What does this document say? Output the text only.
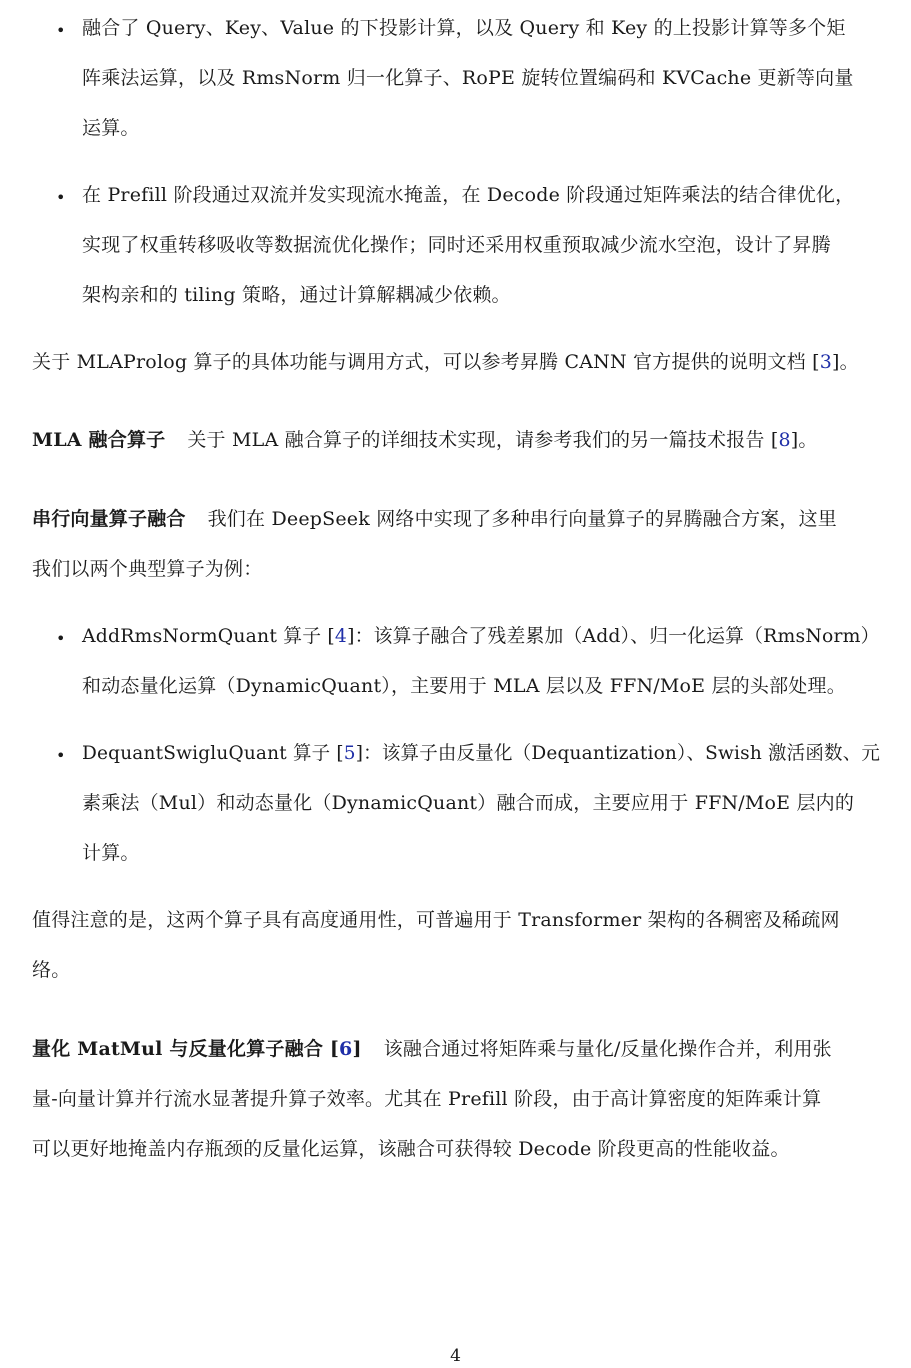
• 融合了 Query、Key、Value 的下投影计算，以及 Query 和 Key 的上投影计算等多个矩
阵乘法运算，以及 RmsNorm 归一化算子、RoPE 旋转位置编码和 KVCache 更新等向量
运算。
• 在 Prefill 阶段通过双流并发实现流水掩盖，在 Decode 阶段通过矩阵乘法的结合律优化，
实现了权重转移吸收等数据流优化操作；同时还采用权重预取减少流水空泡，设计了昇腾
架构亲和的 tiling 策略，通过计算解耦减少依赖。
关于 MLAProlog 算子的具体功能与调用方式，可以参考昇腾 CANN 官方提供的说明文档 [3]。
MLA 融合算子 关于 MLA 融合算子的详细技术实现，请参考我们的另一篇技术报告 [8]。
串行向量算子融合 我们在 DeepSeek 网络中实现了多种串行向量算子的昇腾融合方案，这里
我们以两个典型算子为例：
• AddRmsNormQuant 算子 [4]：该算子融合了残差累加（Add）、归一化运算（RmsNorm）
和动态量化运算（DynamicQuant），主要用于 MLA 层以及 FFN/MoE 层的头部处理。
• DequantSwigluQuant 算子 [5]：该算子由反量化（Dequantization）、Swish 激活函数、元
素乘法（Mul）和动态量化（DynamicQuant）融合而成，主要应用于 FFN/MoE 层内的
计算。
值得注意的是，这两个算子具有高度通用性，可普遍用于 Transformer 架构的各稠密及稀疏网
络。
量化 MatMul 与反量化算子融合 [6] 该融合通过将矩阵乘与量化/反量化操作合并，利用张
量-向量计算并行流水显著提升算子效率。尤其在 Prefill 阶段，由于高计算密度的矩阵乘计算
可以更好地掩盖内存瓶颈的反量化运算，该融合可获得较 Decode 阶段更高的性能收益。
4
